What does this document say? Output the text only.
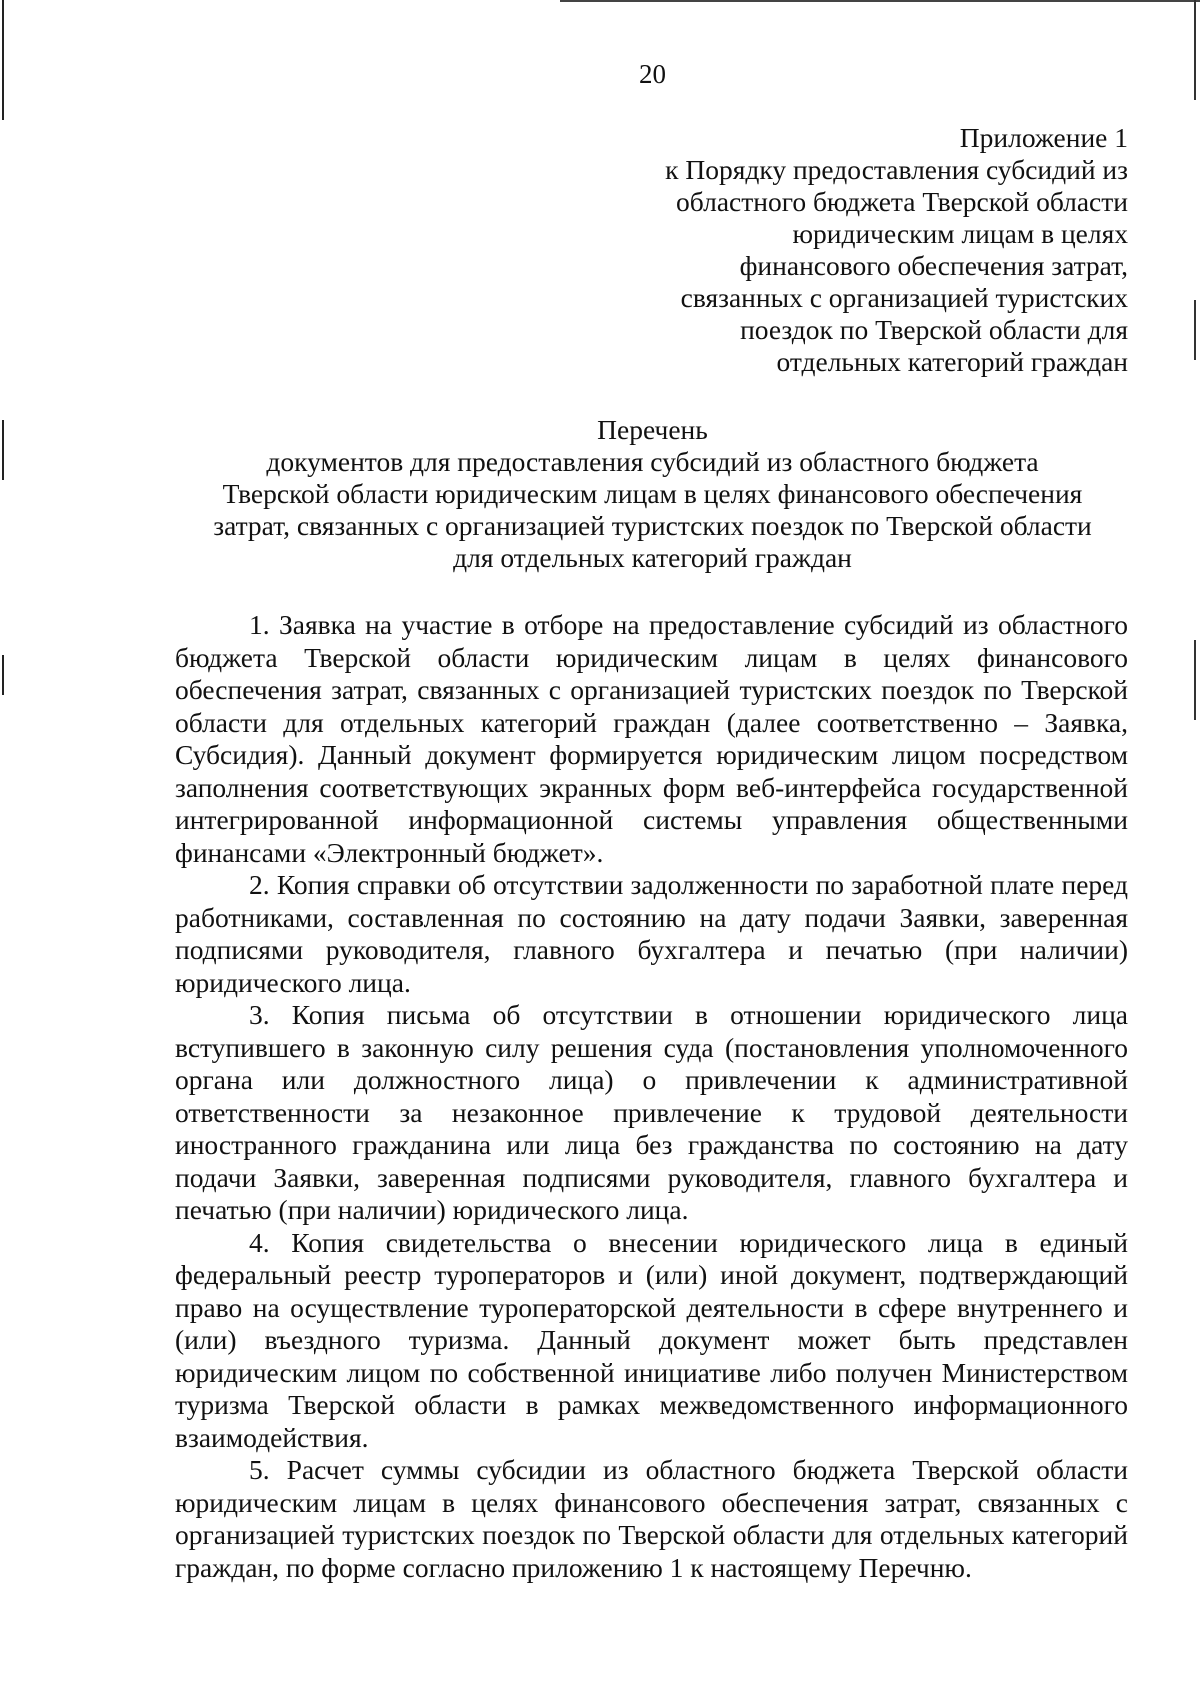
20
Приложение 1
к Порядку предоставления субсидий из
областного бюджета Тверской области
юридическим лицам в целях
финансового обеспечения затрат,
связанных с организацией туристских
поездок по Тверской области для
отдельных категорий граждан
Перечень
документов для предоставления субсидий из областного бюджета
Тверской области юридическим лицам в целях финансового обеспечения
затрат, связанных с организацией туристских поездок по Тверской области
для отдельных категорий граждан

1. Заявка на участие в отборе на предоставление субсидий из областного бюджета Тверской области юридическим лицам в целях финансового обеспечения затрат, связанных с организацией туристских поездок по Тверской области для отдельных категорий граждан (далее соответственно – Заявка, Субсидия). Данный документ формируется юридическим лицом посредством заполнения соответствующих экранных форм веб-интерфейса государственной интегрированной информационной системы управления общественными финансами «Электронный бюджет».

2. Копия справки об отсутствии задолженности по заработной плате перед работниками, составленная по состоянию на дату подачи Заявки, заверенная подписями руководителя, главного бухгалтера и печатью (при наличии) юридического лица.

3. Копия письма об отсутствии в отношении юридического лица вступившего в законную силу решения суда (постановления уполномоченного органа или должностного лица) о привлечении к административной ответственности за незаконное привлечение к трудовой деятельности иностранного гражданина или лица без гражданства по состоянию на дату подачи Заявки, заверенная подписями руководителя, главного бухгалтера и печатью (при наличии) юридического лица.

4. Копия свидетельства о внесении юридического лица в единый федеральный реестр туроператоров и (или) иной документ, подтверждающий право на осуществление туроператорской деятельности в сфере внутреннего и (или) въездного туризма. Данный документ может быть представлен юридическим лицом по собственной инициативе либо получен Министерством туризма Тверской области в рамках межведомственного информационного взаимодействия.

5. Расчет суммы субсидии из областного бюджета Тверской области юридическим лицам в целях финансового обеспечения затрат, связанных с организацией туристских поездок по Тверской области для отдельных категорий граждан, по форме согласно приложению 1 к настоящему Перечню.
